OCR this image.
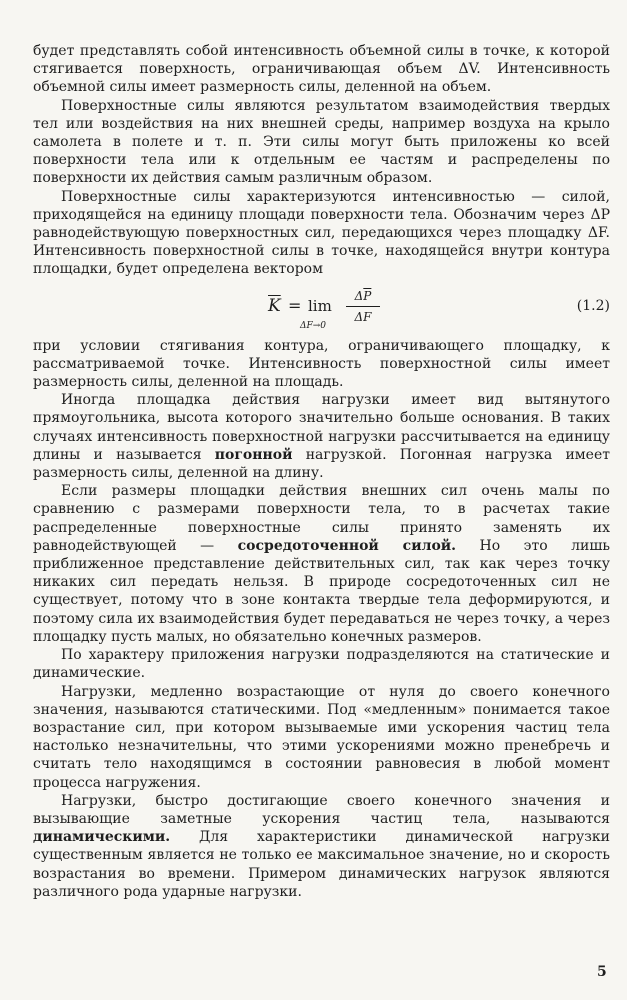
будет представлять собой интенсивность объемной силы в точке, к которой стягивается поверхность, ограничивающая объем ΔV. Интенсивность объемной силы имеет размерность силы, деленной на объем.

Поверхностные силы являются результатом взаимодействия твердых тел или воздействия на них внешней среды, например воздуха на крыло самолета в полете и т. п. Эти силы могут быть приложены ко всей поверхности тела или к отдельным ее частям и распределены по поверхности их действия самым различным образом.

Поверхностные силы характеризуются интенсивностью — силой, приходящейся на единицу площади поверхности тела. Обозначим через ΔP равнодействующую поверхностных сил, передающихся через площадку ΔF. Интенсивность поверхностной силы в точке, находящейся внутри контура площадки, будет определена вектором

$\overline{K} = \lim$
$\Delta F\to 0 \frac{\Delta\overline{P}}{\Delta F}$	(1.2)

при условии стягивания контура, ограничивающего площадку, к рассматриваемой точке. Интенсивность поверхностной силы имеет размерность силы, деленной на площадь.

Иногда площадка действия нагрузки имеет вид вытянутого прямоугольника, высота которого значительно больше основания. В таких случаях интенсивность поверхностной нагрузки рассчитывается на единицу длины и называется погонной нагрузкой. Погонная нагрузка имеет размерность силы, деленной на длину.

Если размеры площадки действия внешних сил очень малы по сравнению с размерами поверхности тела, то в расчетах такие распределенные поверхностные силы принято заменять их равнодействующей — сосредоточенной силой. Но это лишь приближенное представление действительных сил, так как через точку никаких сил передать нельзя. В природе сосредоточенных сил не существует, потому что в зоне контакта твердые тела деформируются, и поэтому сила их взаимодействия будет передаваться не через точку, а через площадку пусть малых, но обязательно конечных размеров.

По характеру приложения нагрузки подразделяются на статические и динамические.

Нагрузки, медленно возрастающие от нуля до своего конечного значения, называются статическими. Под «медленным» понимается такое возрастание сил, при котором вызываемые ими ускорения частиц тела настолько незначительны, что этими ускорениями можно пренебречь и считать тело находящимся в состоянии равновесия в любой момент процесса нагружения.

Нагрузки, быстро достигающие своего конечного значения и вызывающие заметные ускорения частиц тела, называются динамическими. Для характеристики динамической нагрузки существенным является не только ее максимальное значение, но и скорость возрастания во времени. Примером динамических нагрузок являются различного рода ударные нагрузки.

5
